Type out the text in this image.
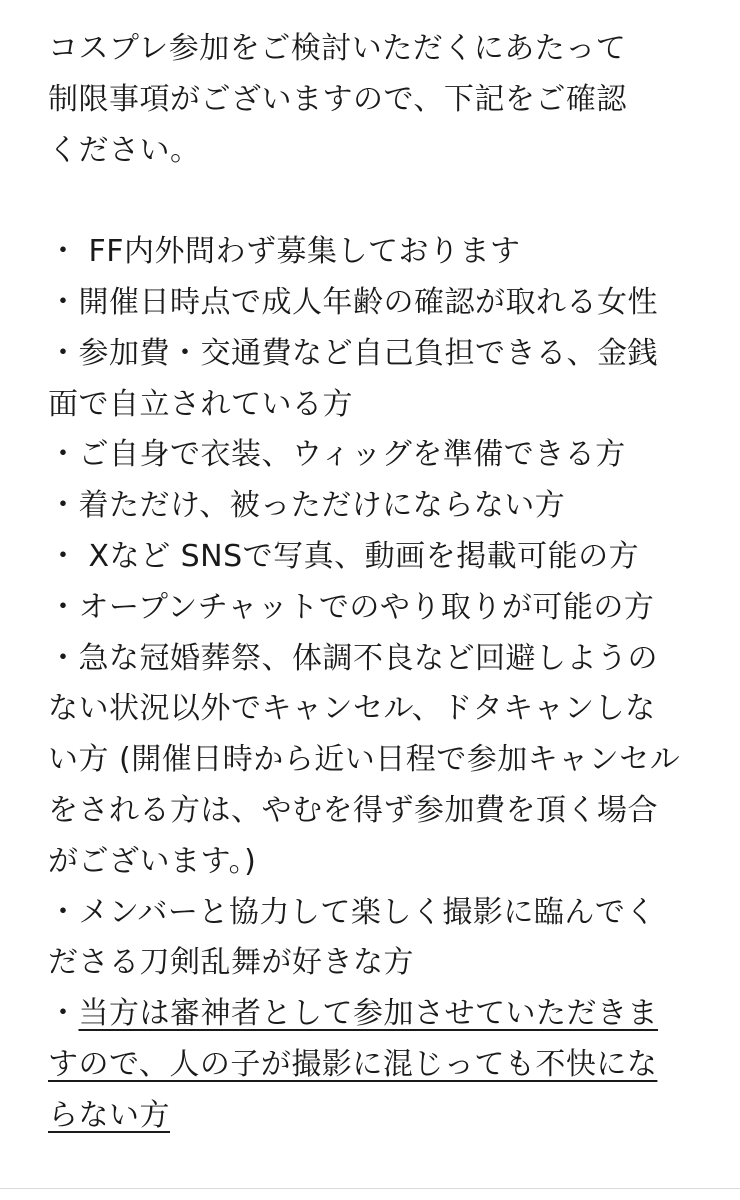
コスプレ参加をご検討いただくにあたって
制限事項がございますので、下記をご確認
ください。
・ FF内外問わず募集しております
・開催日時点で成人年齢の確認が取れる女性
・参加費・交通費など自己負担できる、金銭
面で自立されている方
・ご自身で衣装、ウィッグを準備できる方
・着ただけ、被っただけにならない方
・ Xなど SNSで写真、動画を掲載可能の方
・オープンチャットでのやり取りが可能の方
・急な冠婚葬祭、体調不良など回避しようの
ない状況以外でキャンセル、ドタキャンしな
い方 (開催日時から近い日程で参加キャンセル
をされる方は、やむを得ず参加費を頂く場合
がございます。)
・メンバーと協力して楽しく撮影に臨んでく
ださる刀剣乱舞が好きな方
・当方は審神者として参加させていただきま
すので、人の子が撮影に混じっても不快にな
らない方
